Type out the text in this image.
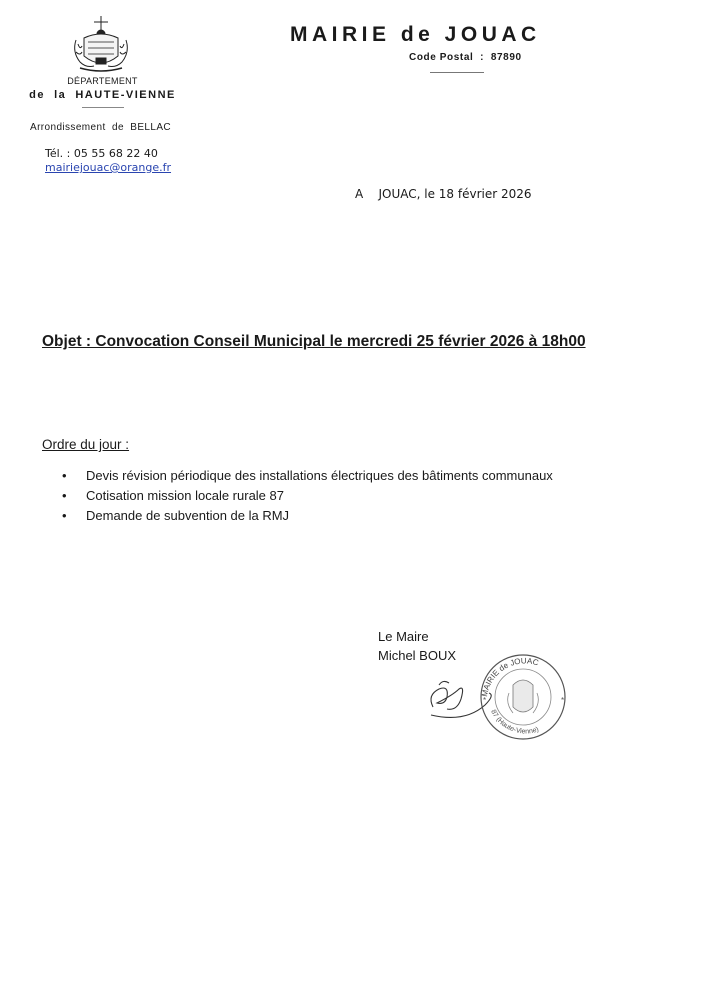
DÉPARTEMENT
de  la  HAUTE-VIENNE
Arrondissement  de  BELLAC
Tél. : 05 55 68 22 40
mairiejouac@orange.fr
MAIRIE de JOUAC
Code Postal  :  87890
A    JOUAC, le 18 février 2026
Objet : Convocation Conseil Municipal le mercredi 25 février 2026 à 18h00
Ordre du jour :
• Devis révision périodique des installations électriques des bâtiments communaux
• Cotisation mission locale rurale 87
• Demande de subvention de la RMJ
Le Maire
Michel BOUX
MAIRIE de JOUAC
87 (Haute-Vienne)
*	*
